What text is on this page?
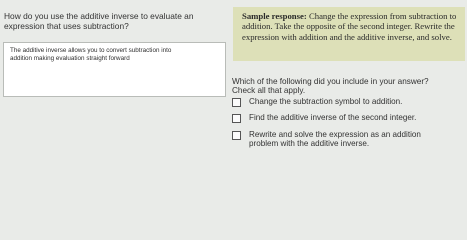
How do you use the additive inverse to evaluate an expression that uses subtraction?
The additive inverse allows you to convert subtraction into addition making evaluation straight forward
Sample response: Change the expression from subtraction to addition. Take the opposite of the second integer. Rewrite the expression with addition and the additive inverse, and solve.
Which of the following did you include in your answer?
Check all that apply.
Change the subtraction symbol to addition.
Find the additive inverse of the second integer.
Rewrite and solve the expression as an addition problem with the additive inverse.
